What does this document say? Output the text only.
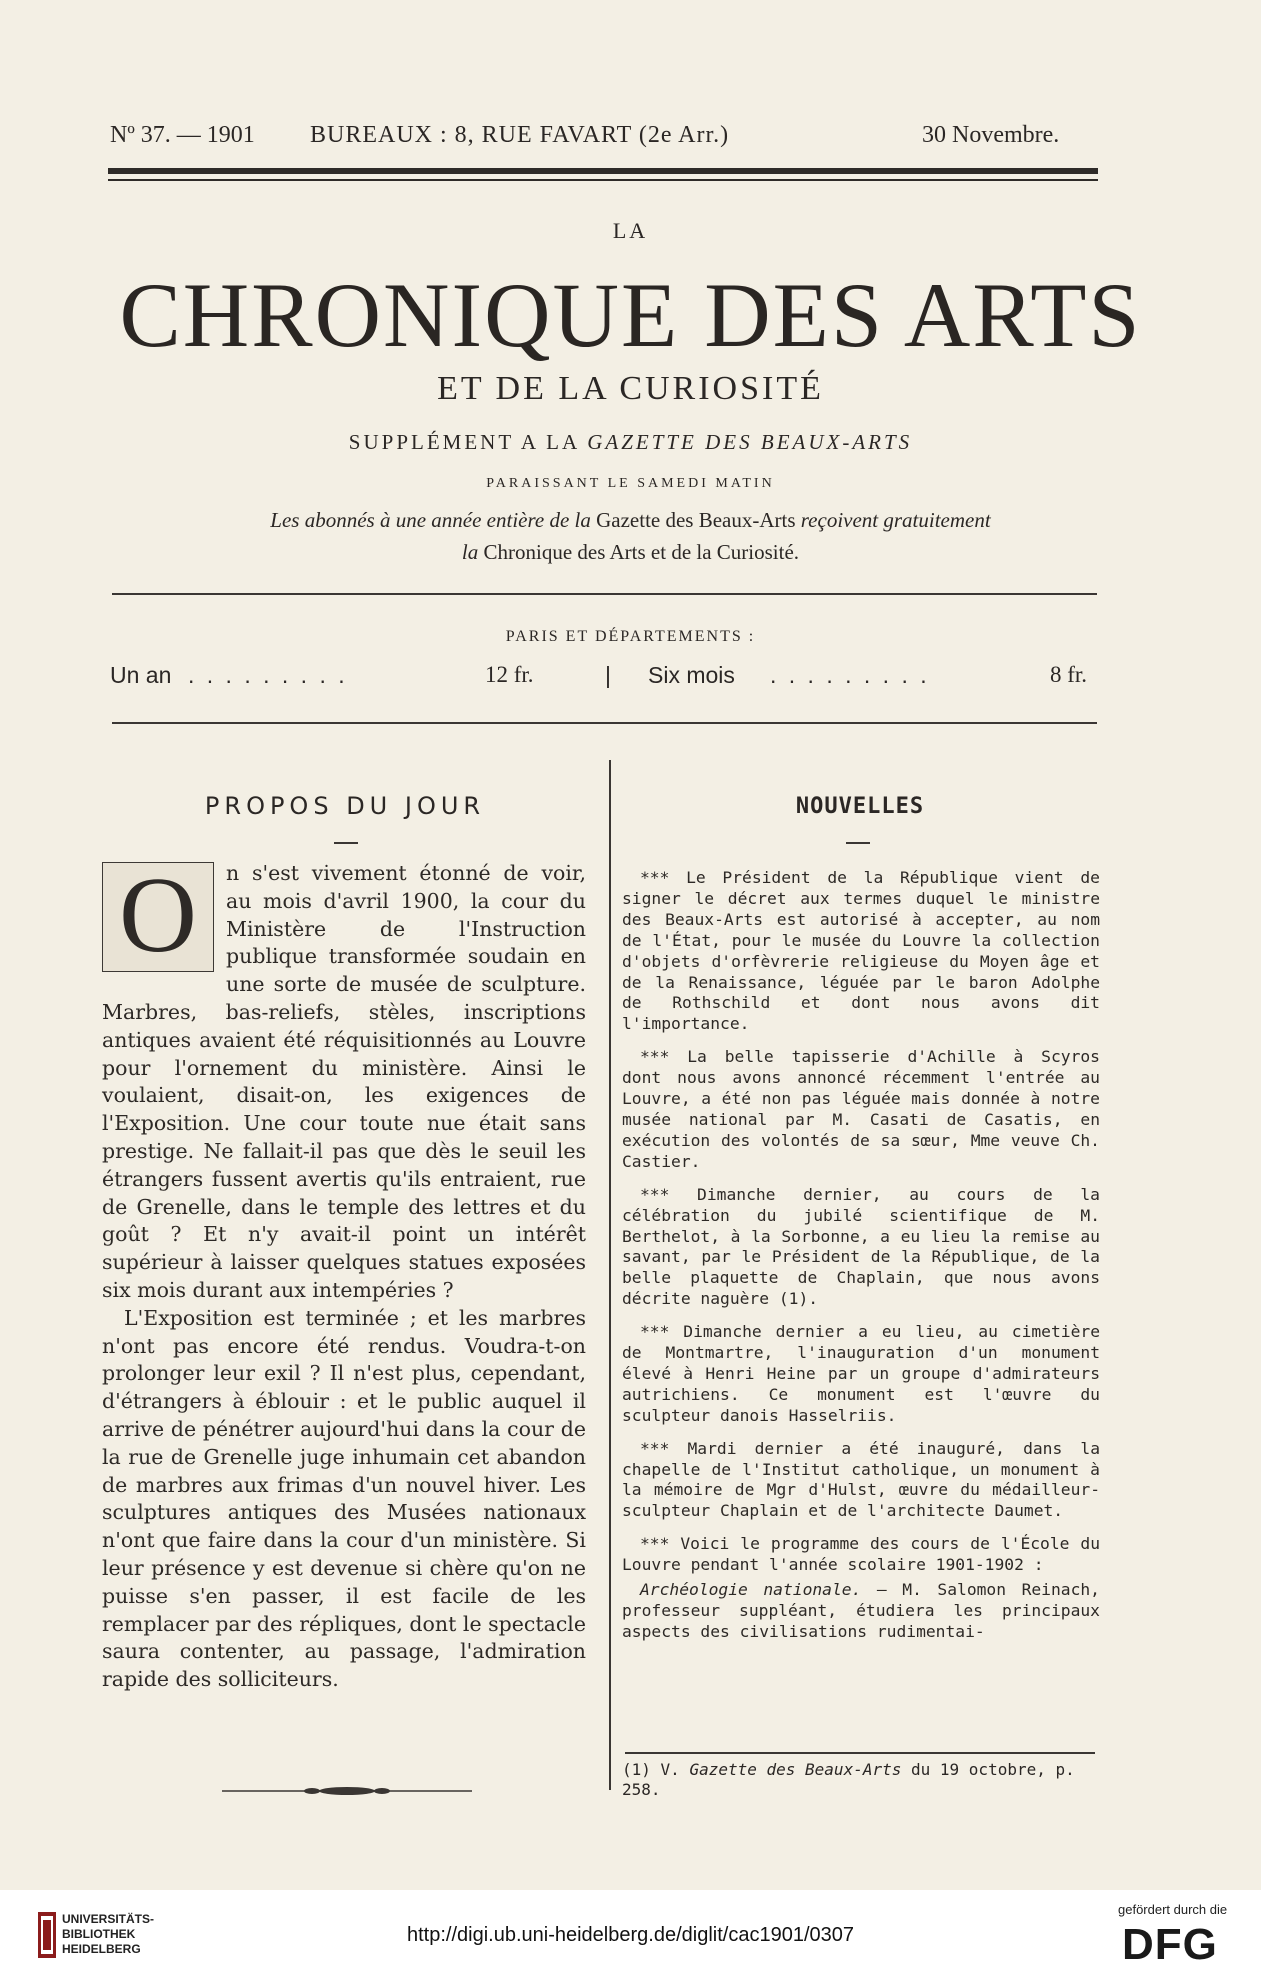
Nº 37. — 1901 BUREAUX : 8, RUE FAVART (2e Arr.)	30 Novembre.
LA
CHRONIQUE DES ARTS
ET DE LA CURIOSITÉ
SUPPLÉMENT A LA GAZETTE DES BEAUX-ARTS
PARAISSANT LE SAMEDI MATIN
Les abonnés à une année entière de la Gazette des Beaux-Arts reçoivent gratuitement
la Chronique des Arts et de la Curiosité.
PARIS ET DÉPARTEMENTS :
Un an . . . . . . . . .	12 fr.	| Six mois . . . . . . . . .	8 fr.
PROPOS DU JOUR

O	n s'est vivement étonné de voir, au mois d'avril 1900, la cour du Ministère de l'Instruction publique transformée soudain en une sorte de musée de sculpture. Marbres, bas-reliefs, stèles, inscriptions antiques avaient été réquisitionnés au Louvre pour l'ornement du ministère. Ainsi le voulaient, disait-on, les exigences de l'Exposition. Une cour toute nue était sans prestige. Ne fallait-il pas que dès le seuil les étrangers fussent avertis qu'ils entraient, rue de Grenelle, dans le temple des lettres et du goût ? Et n'y avait-il point un intérêt supérieur à laisser quelques statues exposées six mois durant aux intempéries ?

L'Exposition est terminée ; et les marbres n'ont pas encore été rendus. Voudra-t-on prolonger leur exil ? Il n'est plus, cependant, d'étrangers à éblouir : et le public auquel il arrive de pénétrer aujourd'hui dans la cour de la rue de Grenelle juge inhumain cet abandon de marbres aux frimas d'un nouvel hiver. Les sculptures antiques des Musées nationaux n'ont que faire dans la cour d'un ministère. Si leur présence y est devenue si chère qu'on ne puisse s'en passer, il est facile de les remplacer par des répliques, dont le spectacle saura contenter, au passage, l'admiration rapide des solliciteurs.

NOUVELLES

*** Le Président de la République vient de signer le décret aux termes duquel le ministre des Beaux-Arts est autorisé à accepter, au nom de l'État, pour le musée du Louvre la collection d'objets d'orfèvrerie religieuse du Moyen âge et de la Renaissance, léguée par le baron Adolphe de Rothschild et dont nous avons dit l'importance.

*** La belle tapisserie d'Achille à Scyros dont nous avons annoncé récemment l'entrée au Louvre, a été non pas léguée mais donnée à notre musée national par M. Casati de Casatis, en exécution des volontés de sa sœur, Mme veuve Ch. Castier.

*** Dimanche dernier, au cours de la célébration du jubilé scientifique de M. Berthelot, à la Sorbonne, a eu lieu la remise au savant, par le Président de la République, de la belle plaquette de Chaplain, que nous avons décrite naguère (1).

*** Dimanche dernier a eu lieu, au cimetière de Montmartre, l'inauguration d'un monument élevé à Henri Heine par un groupe d'admirateurs autrichiens. Ce monument est l'œuvre du sculpteur danois Hasselriis.

*** Mardi dernier a été inauguré, dans la chapelle de l'Institut catholique, un monument à la mémoire de Mgr d'Hulst, œuvre du médailleur-sculpteur Chaplain et de l'architecte Daumet.

*** Voici le programme des cours de l'École du Louvre pendant l'année scolaire 1901-1902 :

Archéologie nationale. — M. Salomon Reinach, professeur suppléant, étudiera les principaux aspects des civilisations rudimentai-

(1) V. Gazette des Beaux-Arts du 19 octobre, p. 258.
UNIVERSITÄTS-
BIBLIOTHEK
HEIDELBERG
http://digi.ub.uni-heidelberg.de/diglit/cac1901/0307
gefördert durch die
DFG
